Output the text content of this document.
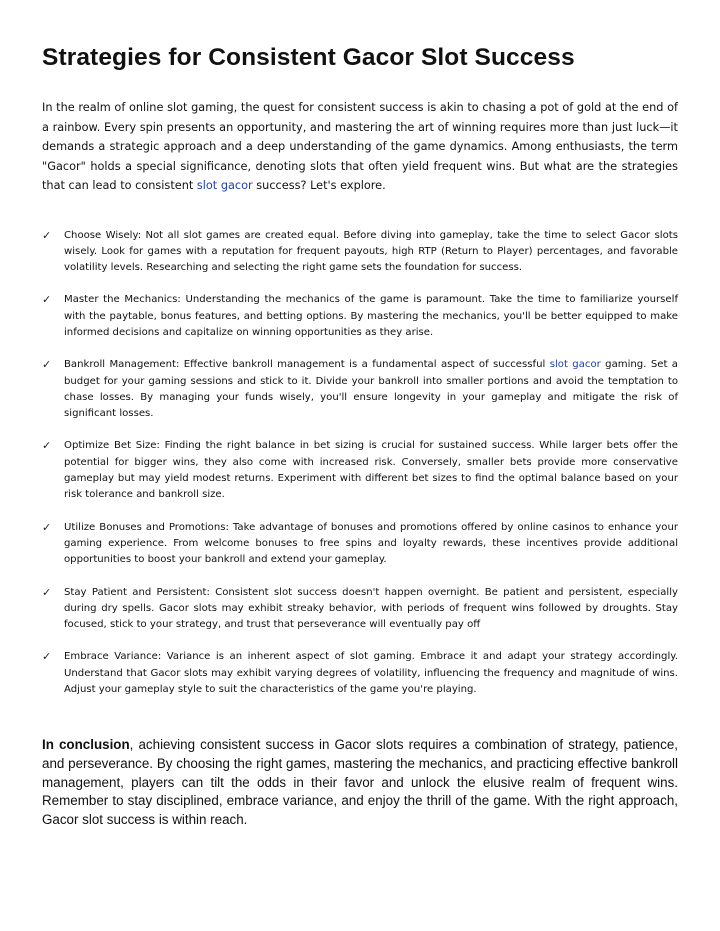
Strategies for Consistent Gacor Slot Success

In the realm of online slot gaming, the quest for consistent success is akin to chasing a pot of gold at the end of a rainbow. Every spin presents an opportunity, and mastering the art of winning requires more than just luck—it demands a strategic approach and a deep understanding of the game dynamics. Among enthusiasts, the term "Gacor" holds a special significance, denoting slots that often yield frequent wins. But what are the strategies that can lead to consistent slot gacor success? Let's explore.

✓ Choose Wisely: Not all slot games are created equal. Before diving into gameplay, take the time to select Gacor slots wisely. Look for games with a reputation for frequent payouts, high RTP (Return to Player) percentages, and favorable volatility levels. Researching and selecting the right game sets the foundation for success.
✓ Master the Mechanics: Understanding the mechanics of the game is paramount. Take the time to familiarize yourself with the paytable, bonus features, and betting options. By mastering the mechanics, you'll be better equipped to make informed decisions and capitalize on winning opportunities as they arise.
✓ Bankroll Management: Effective bankroll management is a fundamental aspect of successful slot gacor gaming. Set a budget for your gaming sessions and stick to it. Divide your bankroll into smaller portions and avoid the temptation to chase losses. By managing your funds wisely, you'll ensure longevity in your gameplay and mitigate the risk of significant losses.
✓ Optimize Bet Size: Finding the right balance in bet sizing is crucial for sustained success. While larger bets offer the potential for bigger wins, they also come with increased risk. Conversely, smaller bets provide more conservative gameplay but may yield modest returns. Experiment with different bet sizes to find the optimal balance based on your risk tolerance and bankroll size.
✓ Utilize Bonuses and Promotions: Take advantage of bonuses and promotions offered by online casinos to enhance your gaming experience. From welcome bonuses to free spins and loyalty rewards, these incentives provide additional opportunities to boost your bankroll and extend your gameplay.
✓ Stay Patient and Persistent: Consistent slot success doesn't happen overnight. Be patient and persistent, especially during dry spells. Gacor slots may exhibit streaky behavior, with periods of frequent wins followed by droughts. Stay focused, stick to your strategy, and trust that perseverance will eventually pay off
✓ Embrace Variance: Variance is an inherent aspect of slot gaming. Embrace it and adapt your strategy accordingly. Understand that Gacor slots may exhibit varying degrees of volatility, influencing the frequency and magnitude of wins. Adjust your gameplay style to suit the characteristics of the game you're playing.

In conclusion, achieving consistent success in Gacor slots requires a combination of strategy, patience, and perseverance. By choosing the right games, mastering the mechanics, and practicing effective bankroll management, players can tilt the odds in their favor and unlock the elusive realm of frequent wins. Remember to stay disciplined, embrace variance, and enjoy the thrill of the game. With the right approach, Gacor slot success is within reach.
